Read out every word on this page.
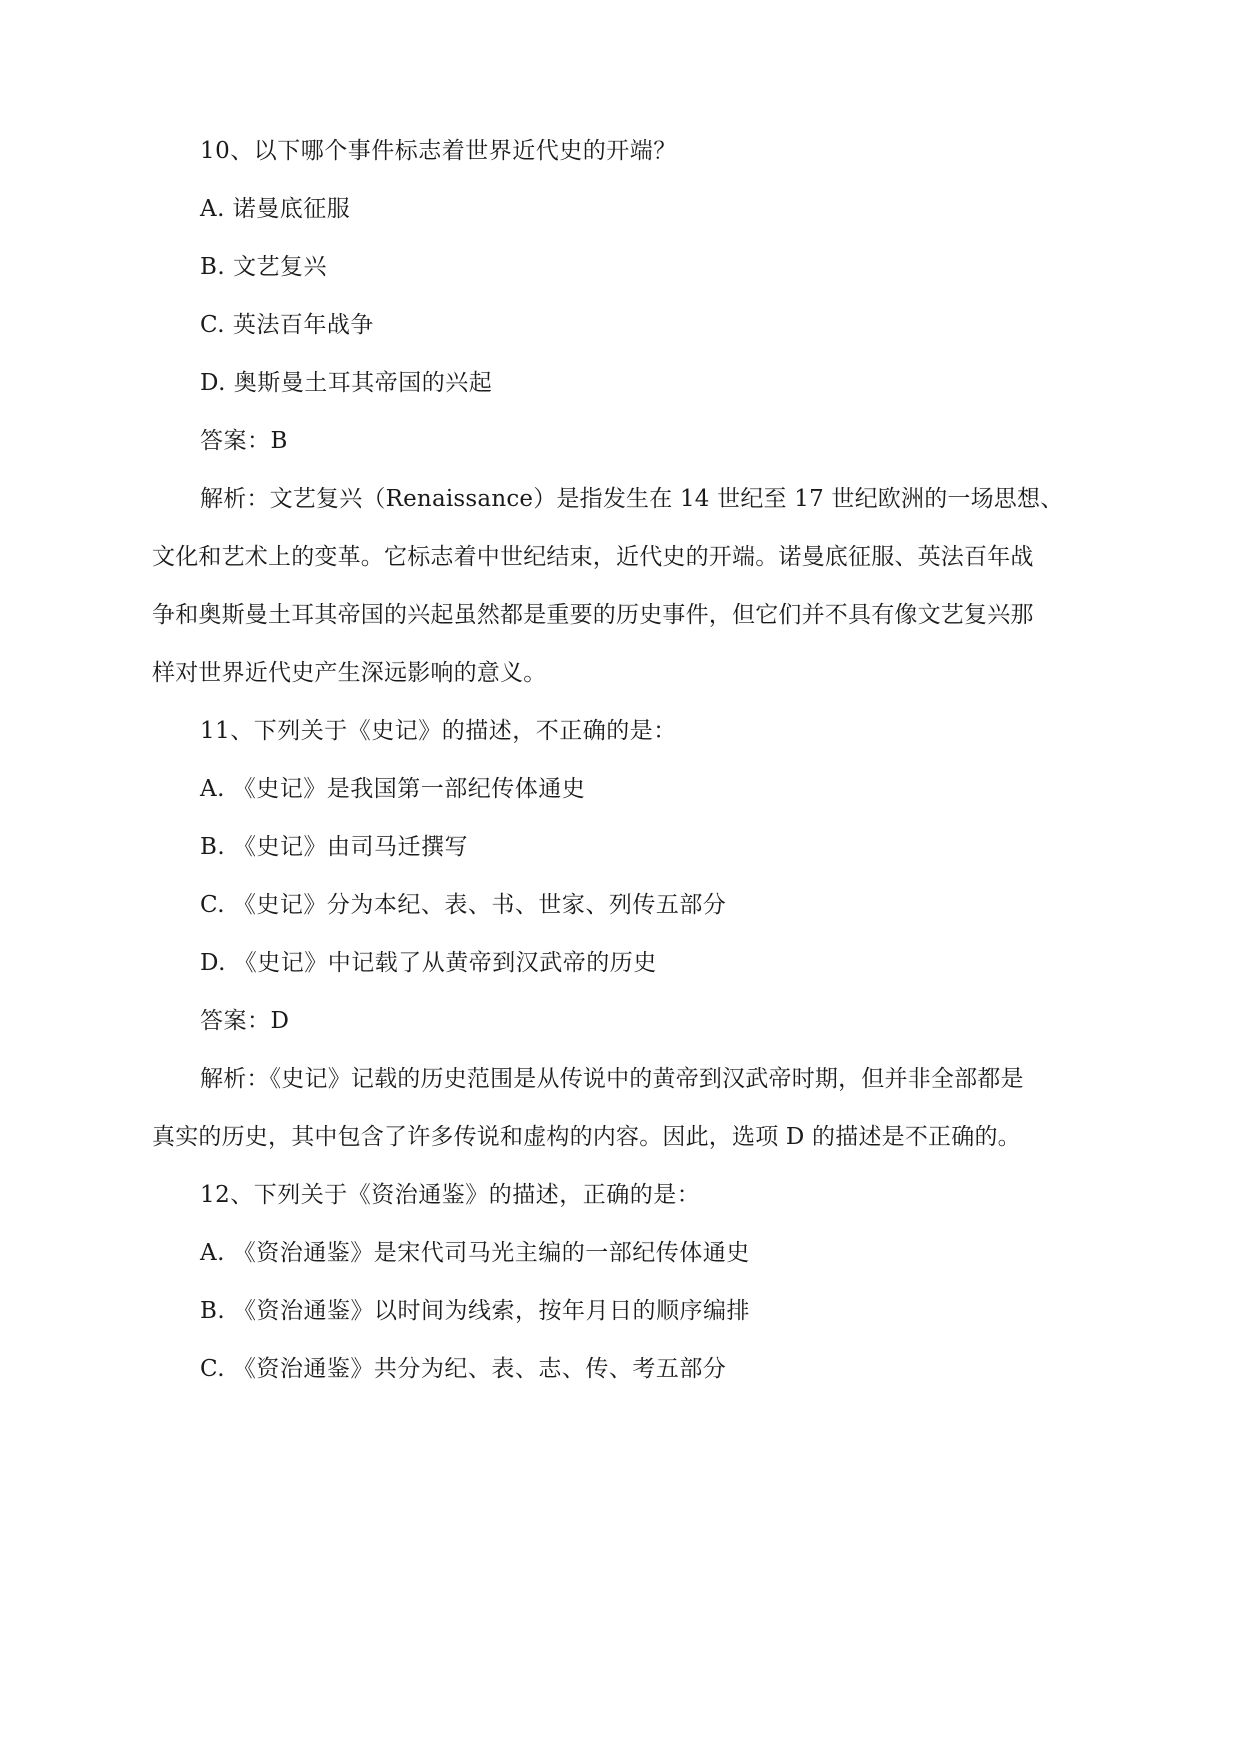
10、以下哪个事件标志着世界近代史的开端？
A. 诺曼底征服
B. 文艺复兴
C. 英法百年战争
D. 奥斯曼土耳其帝国的兴起
答案：B
解析：文艺复兴（Renaissance）是指发生在 14 世纪至 17 世纪欧洲的一场思想、
文化和艺术上的变革。它标志着中世纪结束，近代史的开端。诺曼底征服、英法百年战
争和奥斯曼土耳其帝国的兴起虽然都是重要的历史事件，但它们并不具有像文艺复兴那
样对世界近代史产生深远影响的意义。
11、下列关于《史记》的描述，不正确的是：
A. 《史记》是我国第一部纪传体通史
B. 《史记》由司马迁撰写
C. 《史记》分为本纪、表、书、世家、列传五部分
D. 《史记》中记载了从黄帝到汉武帝的历史
答案：D
解析：《史记》记载的历史范围是从传说中的黄帝到汉武帝时期，但并非全部都是
真实的历史，其中包含了许多传说和虚构的内容。因此，选项 D 的描述是不正确的。
12、下列关于《资治通鉴》的描述，正确的是：
A. 《资治通鉴》是宋代司马光主编的一部纪传体通史
B. 《资治通鉴》以时间为线索，按年月日的顺序编排
C. 《资治通鉴》共分为纪、表、志、传、考五部分
